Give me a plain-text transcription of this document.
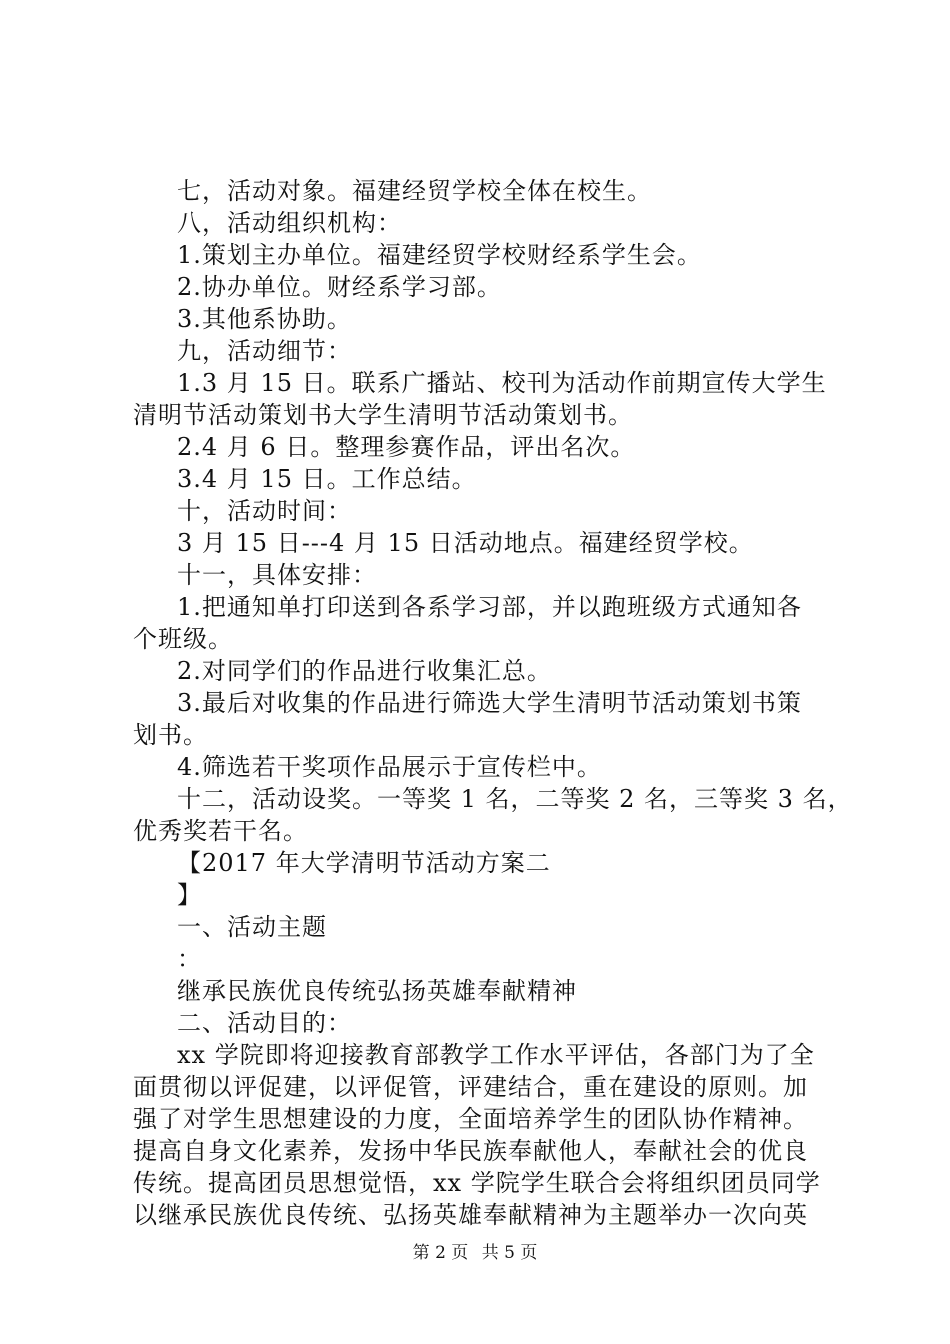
七，活动对象。福建经贸学校全体在校生。
八，活动组织机构：
1.策划主办单位。福建经贸学校财经系学生会。
2.协办单位。财经系学习部。
3.其他系协助。
九，活动细节：
1.3 月 15 日。联系广播站、校刊为活动作前期宣传大学生
清明节活动策划书大学生清明节活动策划书。
2.4 月 6 日。整理参赛作品，评出名次。
3.4 月 15 日。工作总结。
十，活动时间：
3 月 15 日---4 月 15 日活动地点。福建经贸学校。
十一，具体安排：
1.把通知单打印送到各系学习部，并以跑班级方式通知各
个班级。
2.对同学们的作品进行收集汇总。
3.最后对收集的作品进行筛选大学生清明节活动策划书策
划书。
4.筛选若干奖项作品展示于宣传栏中。
十二，活动设奖。一等奖 1 名，二等奖 2 名，三等奖 3 名，
优秀奖若干名。
【2017 年大学清明节活动方案二
】
一、活动主题
：
继承民族优良传统弘扬英雄奉献精神
二、活动目的：
xx 学院即将迎接教育部教学工作水平评估，各部门为了全
面贯彻以评促建，以评促管，评建结合，重在建设的原则。加
强了对学生思想建设的力度，全面培养学生的团队协作精神。
提高自身文化素养，发扬中华民族奉献他人，奉献社会的优良
传统。提高团员思想觉悟，xx 学院学生联合会将组织团员同学
以继承民族优良传统、弘扬英雄奉献精神为主题举办一次向英
第 2 页 共 5 页
